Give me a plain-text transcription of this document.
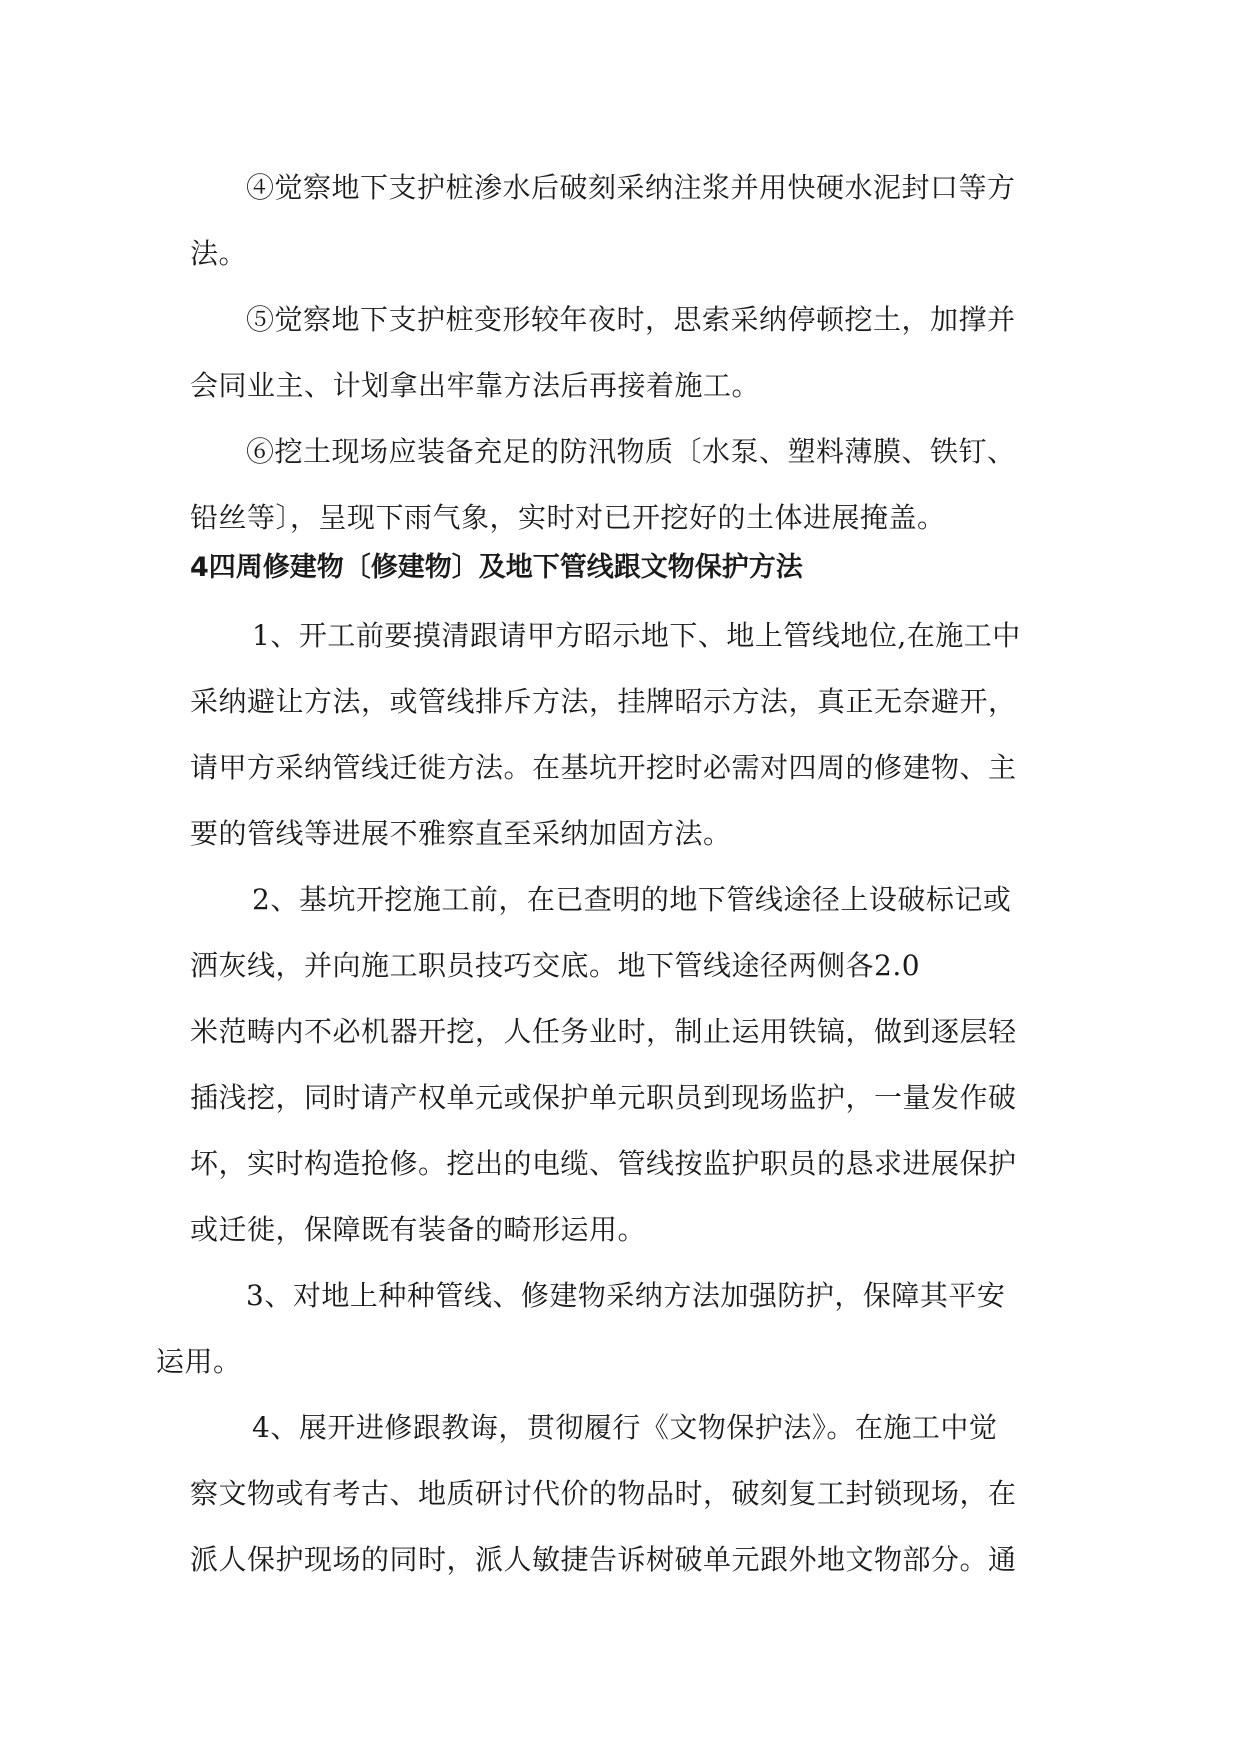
④觉察地下支护桩渗水后破刻采纳注浆并用快硬水泥封口等方
法。
⑤觉察地下支护桩变形较年夜时，思索采纳停顿挖土，加撑并
会同业主、计划拿出牢靠方法后再接着施工。
⑥挖土现场应装备充足的防汛物质〔水泵、塑料薄膜、铁钉、
铅丝等〕，呈现下雨气象，实时对已开挖好的土体进展掩盖。
4四周修建物〔修建物〕及地下管线跟文物保护方法
1、开工前要摸清跟请甲方昭示地下、地上管线地位,在施工中
采纳避让方法，或管线排斥方法，挂牌昭示方法，真正无奈避开，
请甲方采纳管线迁徙方法。在基坑开挖时必需对四周的修建物、主
要的管线等进展不雅察直至采纳加固方法。
2、基坑开挖施工前，在已查明的地下管线途径上设破标记或
洒灰线，并向施工职员技巧交底。地下管线途径两侧各2.0
米范畴内不必机器开挖，人任务业时，制止运用铁镐，做到逐层轻
插浅挖，同时请产权单元或保护单元职员到现场监护，一量发作破
坏，实时构造抢修。挖出的电缆、管线按监护职员的恳求进展保护
或迁徙，保障既有装备的畸形运用。
3、对地上种种管线、修建物采纳方法加强防护，保障其平安
运用。
4、展开进修跟教诲，贯彻履行《文物保护法》。在施工中觉
察文物或有考古、地质研讨代价的物品时，破刻复工封锁现场，在
派人保护现场的同时，派人敏捷告诉树破单元跟外地文物部分。通
